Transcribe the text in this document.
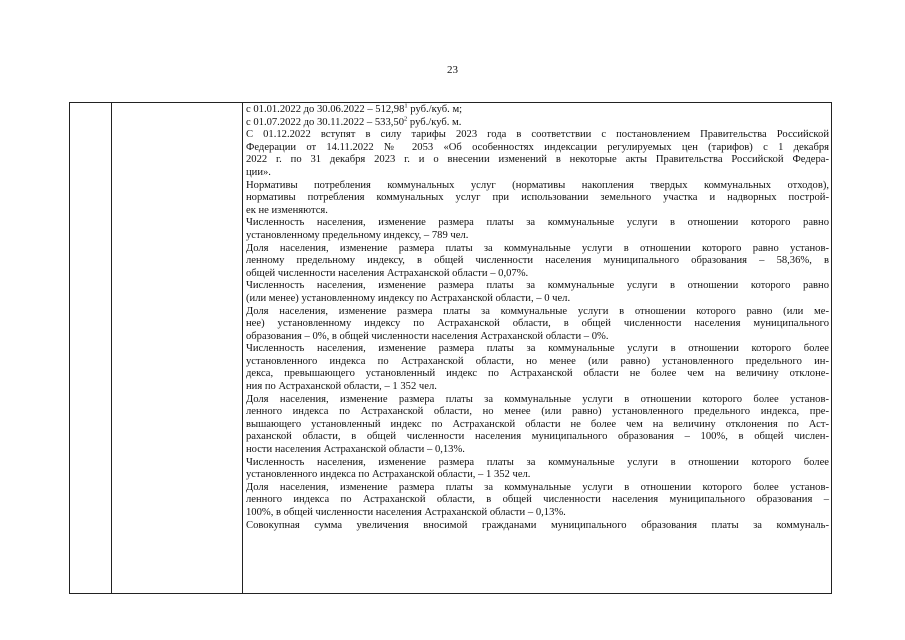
23
с 01.01.2022 до 30.06.2022 – 512,98$^1$ руб./куб. м;
с 01.07.2022 до 30.11.2022 – 533,50$^2$ руб./куб. м.
С 01.12.2022 вступят в силу тарифы 2023 года в соответствии с постановлением Правительства Российской
Федерации от 14.11.2022 № 2053 «Об особенностях индексации регулируемых цен (тарифов) с 1 декабря
2022 г. по 31 декабря 2023 г. и о внесении изменений в некоторые акты Правительства Российской Федера-
ции».
Нормативы потребления коммунальных услуг (нормативы накопления твердых коммунальных отходов),
нормативы потребления коммунальных услуг при использовании земельного участка и надворных построй-
ек не изменяются.
Численность населения, изменение размера платы за коммунальные услуги в отношении которого равно
установленному предельному индексу, – 789 чел.
Доля населения, изменение размера платы за коммунальные услуги в отношении которого равно установ-
ленному предельному индексу, в общей численности населения муниципального образования – 58,36%, в
общей численности населения Астраханской области – 0,07%.
Численность населения, изменение размера платы за коммунальные услуги в отношении которого равно
(или менее) установленному индексу по Астраханской области, – 0 чел.
Доля населения, изменение размера платы за коммунальные услуги в отношении которого равно (или ме-
нее) установленному индексу по Астраханской области, в общей численности населения муниципального
образования – 0%, в общей численности населения Астраханской области – 0%.
Численность населения, изменение размера платы за коммунальные услуги в отношении которого более
установленного индекса по Астраханской области, но менее (или равно) установленного предельного ин-
декса, превышающего установленный индекс по Астраханской области не более чем на величину отклоне-
ния по Астраханской области, – 1 352 чел.
Доля населения, изменение размера платы за коммунальные услуги в отношении которого более установ-
ленного индекса по Астраханской области, но менее (или равно) установленного предельного индекса, пре-
вышающего установленный индекс по Астраханской области не более чем на величину отклонения по Аст-
раханской области, в общей численности населения муниципального образования – 100%, в общей числен-
ности населения Астраханской области – 0,13%.
Численность населения, изменение размера платы за коммунальные услуги в отношении которого более
установленного индекса по Астраханской области, – 1 352 чел.
Доля населения, изменение размера платы за коммунальные услуги в отношении которого более установ-
ленного индекса по Астраханской области, в общей численности населения муниципального образования –
100%, в общей численности населения Астраханской области – 0,13%.
Совокупная сумма увеличения вносимой гражданами муниципального образования платы за коммуналь-
